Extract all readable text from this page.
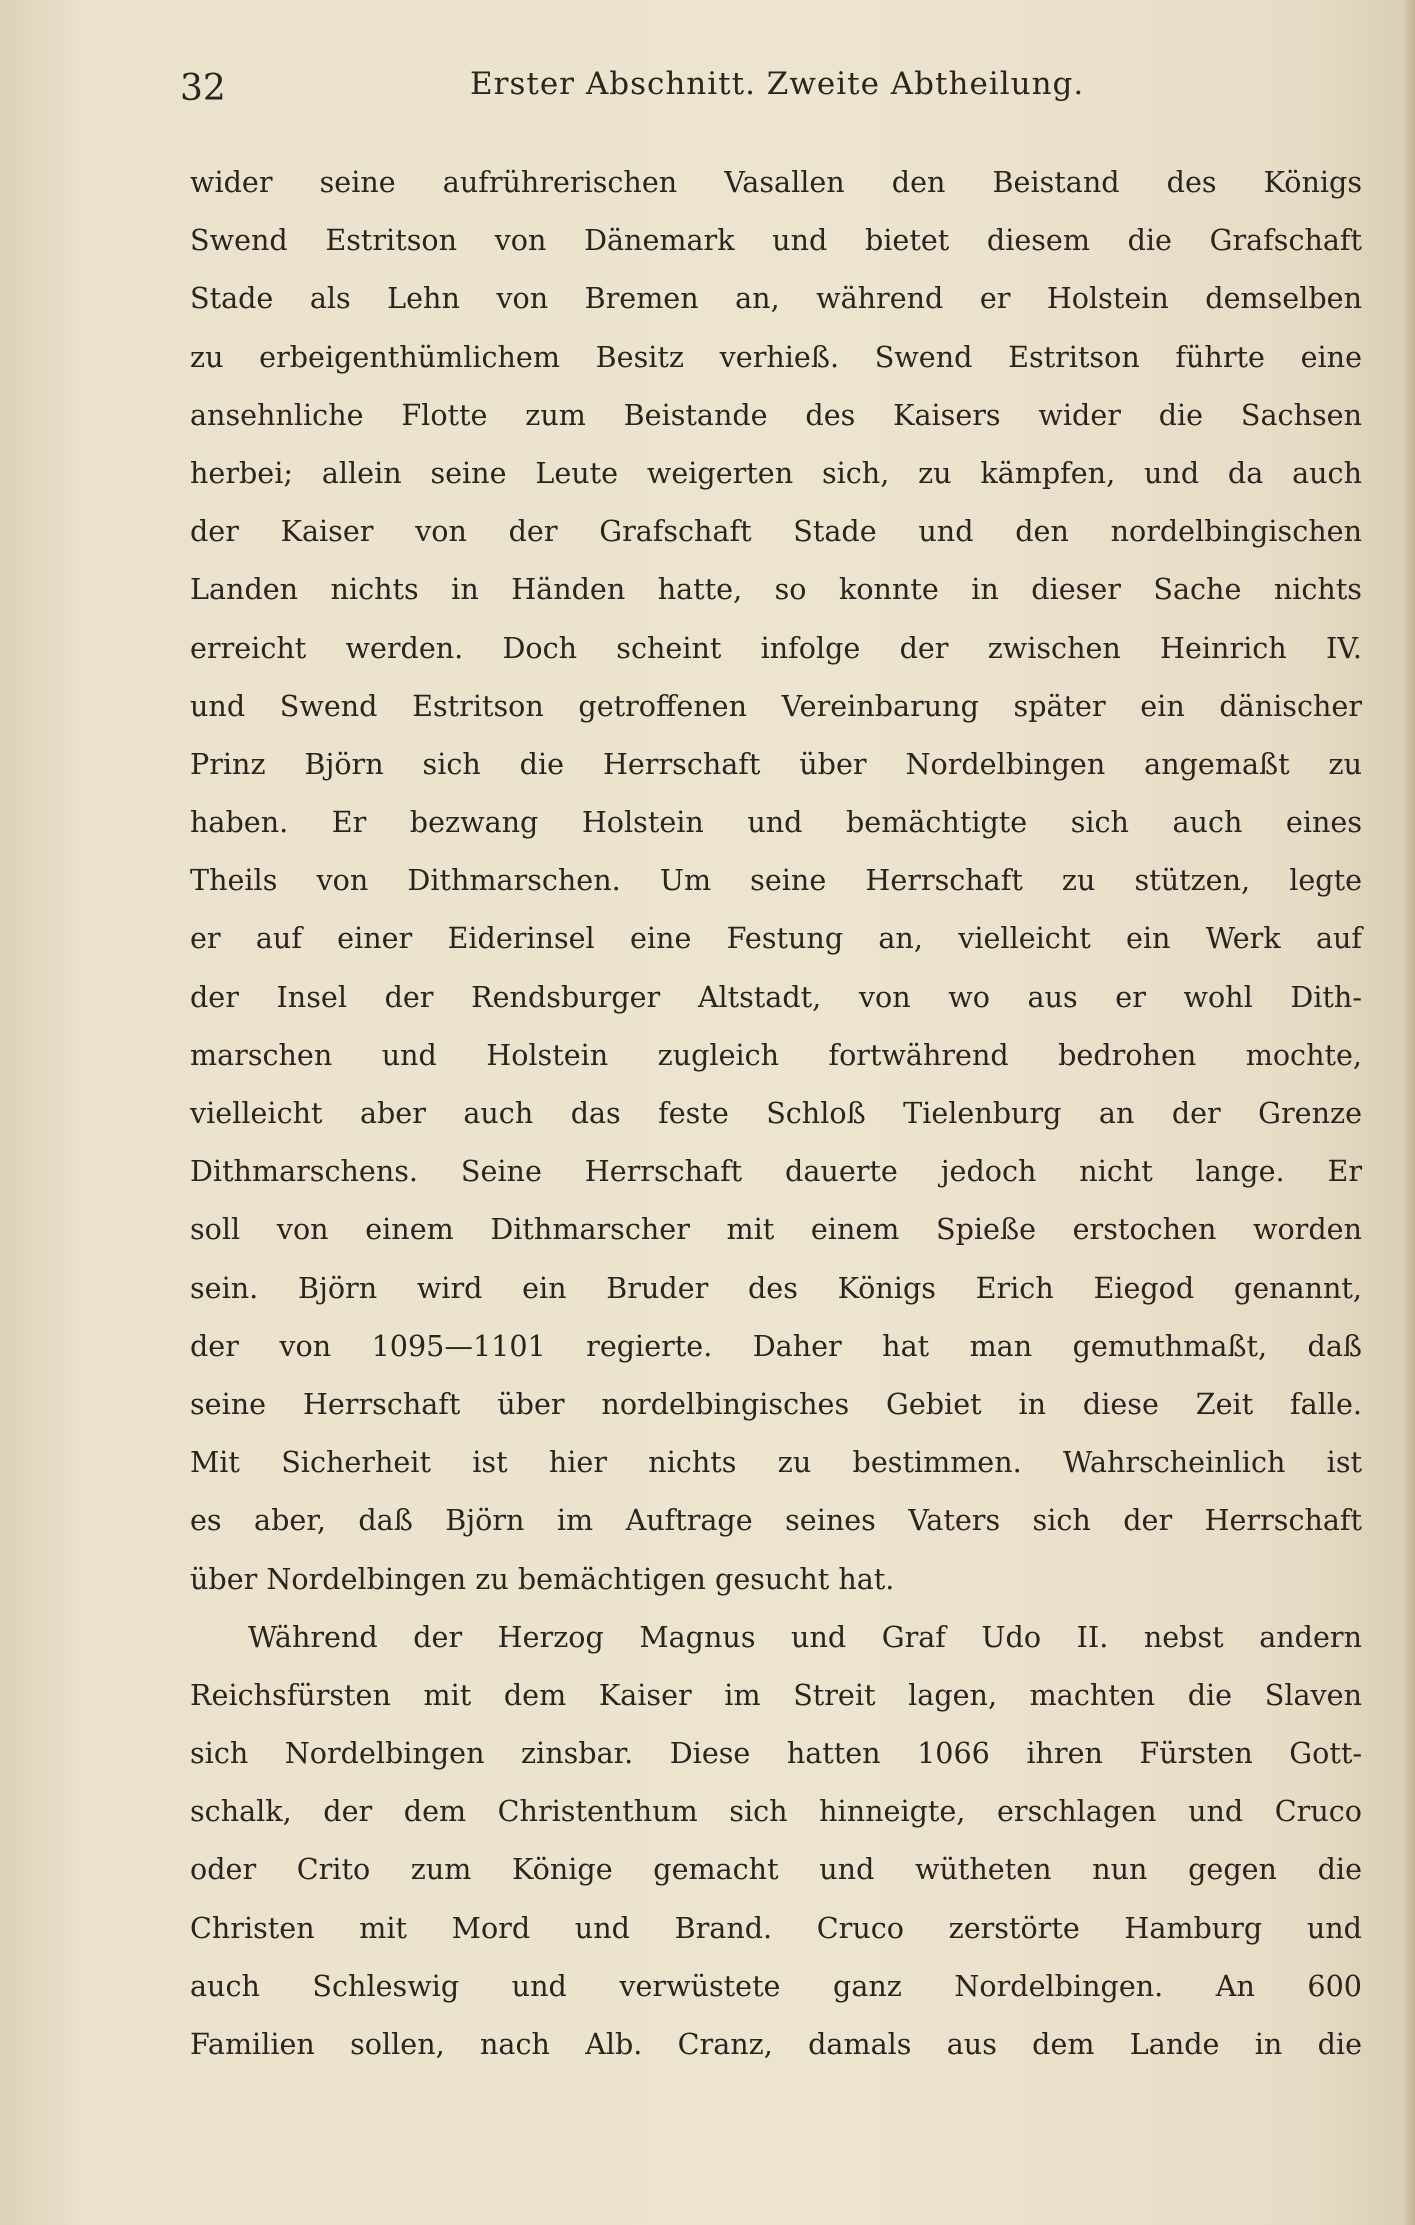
32	Erster Abschnitt. Zweite Abtheilung.
wider seine aufrührerischen Vasallen den Beistand des Königs
Swend Estritson von Dänemark und bietet diesem die Grafschaft
Stade als Lehn von Bremen an, während er Holstein demselben
zu erbeigenthümlichem Besitz verhieß. Swend Estritson führte eine
ansehnliche Flotte zum Beistande des Kaisers wider die Sachsen
herbei; allein seine Leute weigerten sich, zu kämpfen, und da auch
der Kaiser von der Grafschaft Stade und den nordelbingischen
Landen nichts in Händen hatte, so konnte in dieser Sache nichts
erreicht werden. Doch scheint infolge der zwischen Heinrich IV.
und Swend Estritson getroffenen Vereinbarung später ein dänischer
Prinz Björn sich die Herrschaft über Nordelbingen angemaßt zu
haben. Er bezwang Holstein und bemächtigte sich auch eines
Theils von Dithmarschen. Um seine Herrschaft zu stützen, legte
er auf einer Eiderinsel eine Festung an, vielleicht ein Werk auf
der Insel der Rendsburger Altstadt, von wo aus er wohl Dith-
marschen und Holstein zugleich fortwährend bedrohen mochte,
vielleicht aber auch das feste Schloß Tielenburg an der Grenze
Dithmarschens. Seine Herrschaft dauerte jedoch nicht lange. Er
soll von einem Dithmarscher mit einem Spieße erstochen worden
sein. Björn wird ein Bruder des Königs Erich Eiegod genannt,
der von 1095—1101 regierte. Daher hat man gemuthmaßt, daß
seine Herrschaft über nordelbingisches Gebiet in diese Zeit falle.
Mit Sicherheit ist hier nichts zu bestimmen. Wahrscheinlich ist
es aber, daß Björn im Auftrage seines Vaters sich der Herrschaft
über Nordelbingen zu bemächtigen gesucht hat.
Während der Herzog Magnus und Graf Udo II. nebst andern
Reichsfürsten mit dem Kaiser im Streit lagen, machten die Slaven
sich Nordelbingen zinsbar. Diese hatten 1066 ihren Fürsten Gott-
schalk, der dem Christenthum sich hinneigte, erschlagen und Cruco
oder Crito zum Könige gemacht und wütheten nun gegen die
Christen mit Mord und Brand. Cruco zerstörte Hamburg und
auch Schleswig und verwüstete ganz Nordelbingen. An 600
Familien sollen, nach Alb. Cranz, damals aus dem Lande in die
